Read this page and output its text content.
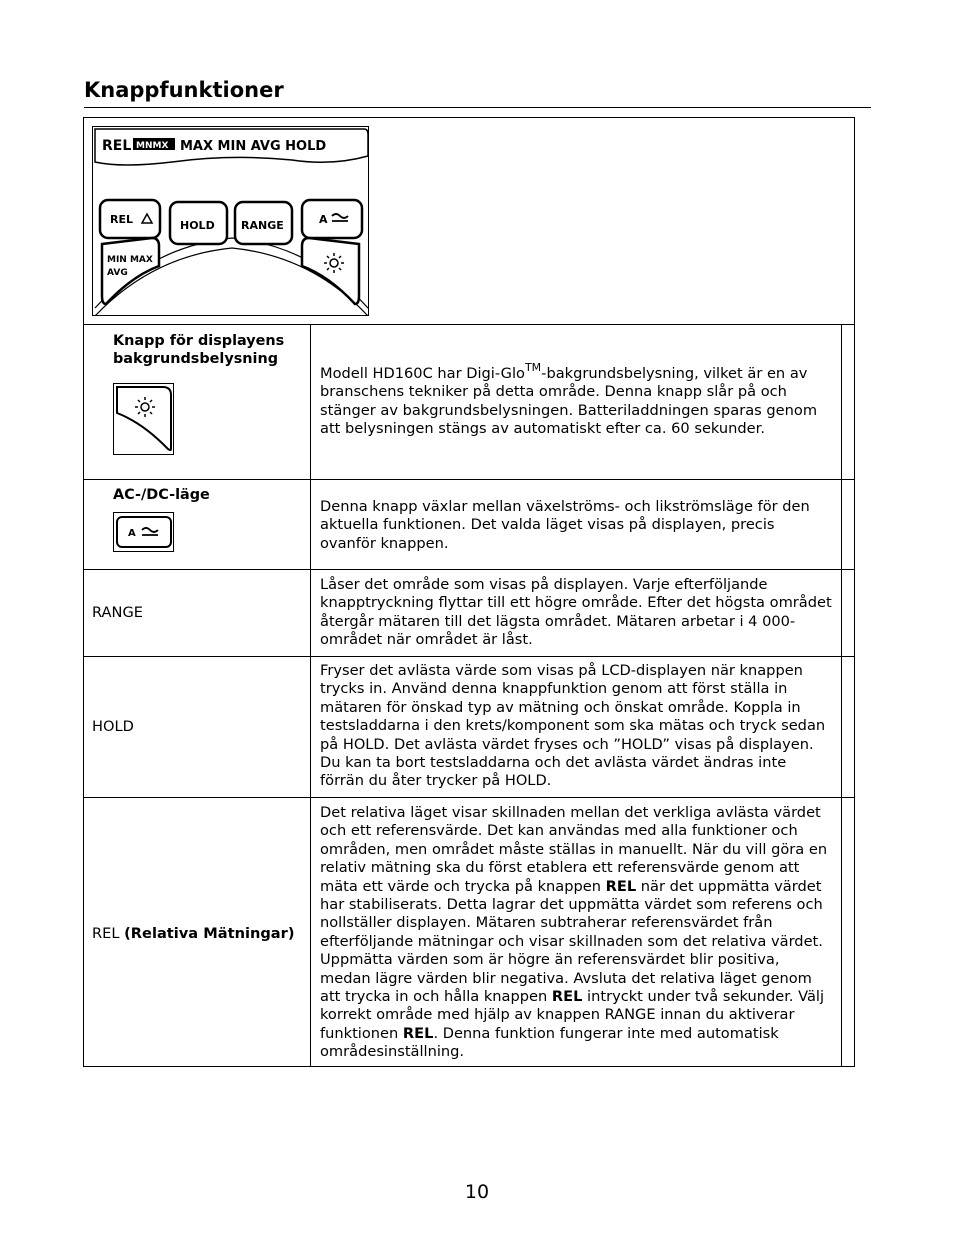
Knappfunktioner
REL MNMX MAX MIN AVG HOLD
REL	HOLD RANGE	A
MIN MAX
AVG
Knapp för displayens
bakgrundsbelysning
Modell HD160C har Digi-Glo™-bakgrundsbelysning, vilket är en av branschens tekniker på detta område. Denna knapp slår på och stänger av bakgrundsbelysningen. Batteriladdningen sparas genom att belysningen stängs av automatiskt efter ca. 60 sekunder.
AC-/DC-läge
A
Denna knapp växlar mellan växelströms- och likströmsläge för den aktuella funktionen. Det valda läget visas på displayen, precis ovanför knappen.
RANGE
Låser det område som visas på displayen. Varje efterföljande knapptryckning flyttar till ett högre område. Efter det högsta området återgår mätaren till det lägsta området. Mätaren arbetar i 4 000-området när området är låst.
HOLD
Fryser det avlästa värde som visas på LCD-displayen när knappen trycks in. Använd denna knappfunktion genom att först ställa in mätaren för önskad typ av mätning och önskat område. Koppla in testsladdarna i den krets/komponent som ska mätas och tryck sedan på HOLD. Det avlästa värdet fryses och ”HOLD” visas på displayen. Du kan ta bort testsladdarna och det avlästa värdet ändras inte förrän du åter trycker på HOLD.
REL (Relativa Mätningar)
Det relativa läget visar skillnaden mellan det verkliga avlästa värdet och ett referensvärde. Det kan användas med alla funktioner och områden, men området måste ställas in manuellt. När du vill göra en relativ mätning ska du först etablera ett referensvärde genom att mäta ett värde och trycka på knappen REL när det uppmätta värdet har stabiliserats. Detta lagrar det uppmätta värdet som referens och nollställer displayen. Mätaren subtraherar referensvärdet från efterföljande mätningar och visar skillnaden som det relativa värdet. Uppmätta värden som är högre än referensvärdet blir positiva, medan lägre värden blir negativa. Avsluta det relativa läget genom att trycka in och hålla knappen REL intryckt under två sekunder. Välj korrekt område med hjälp av knappen RANGE innan du aktiverar funktionen REL. Denna funktion fungerar inte med automatisk områdesinställning.
10
